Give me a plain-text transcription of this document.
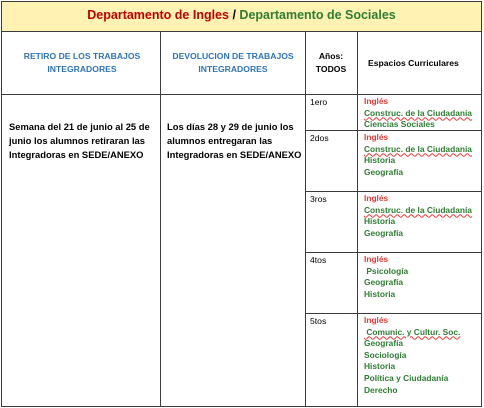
Departamento de Ingles / Departamento de Sociales
RETIRO DE LOS TRABAJOS INTEGRADORES
DEVOLUCION DE TRABAJOS INTEGRADORES
Años: TODOS
Espacios Curriculares
Semana del 21 de junio al 25 de junio los alumnos retiraran las Integradoras en SEDE/ANEXO
Los días 28 y 29 de junio los alumnos entregaran las Integradoras en SEDE/ANEXO
1ero
2dos
3ros
4tos
5tos
Inglés
Construc. de la Ciudadanía
Ciencias Sociales
Inglés
Construc. de la Ciudadanía
Historia
Geografía
Inglés
Construc. de la Ciudadanía
Historia
Geografía
Inglés
Psicología
Geografía
Historia
Inglés
Comunic. y Cultur. Soc.
Geografía
Sociología
Historia
Política y Ciudadanía
Derecho
